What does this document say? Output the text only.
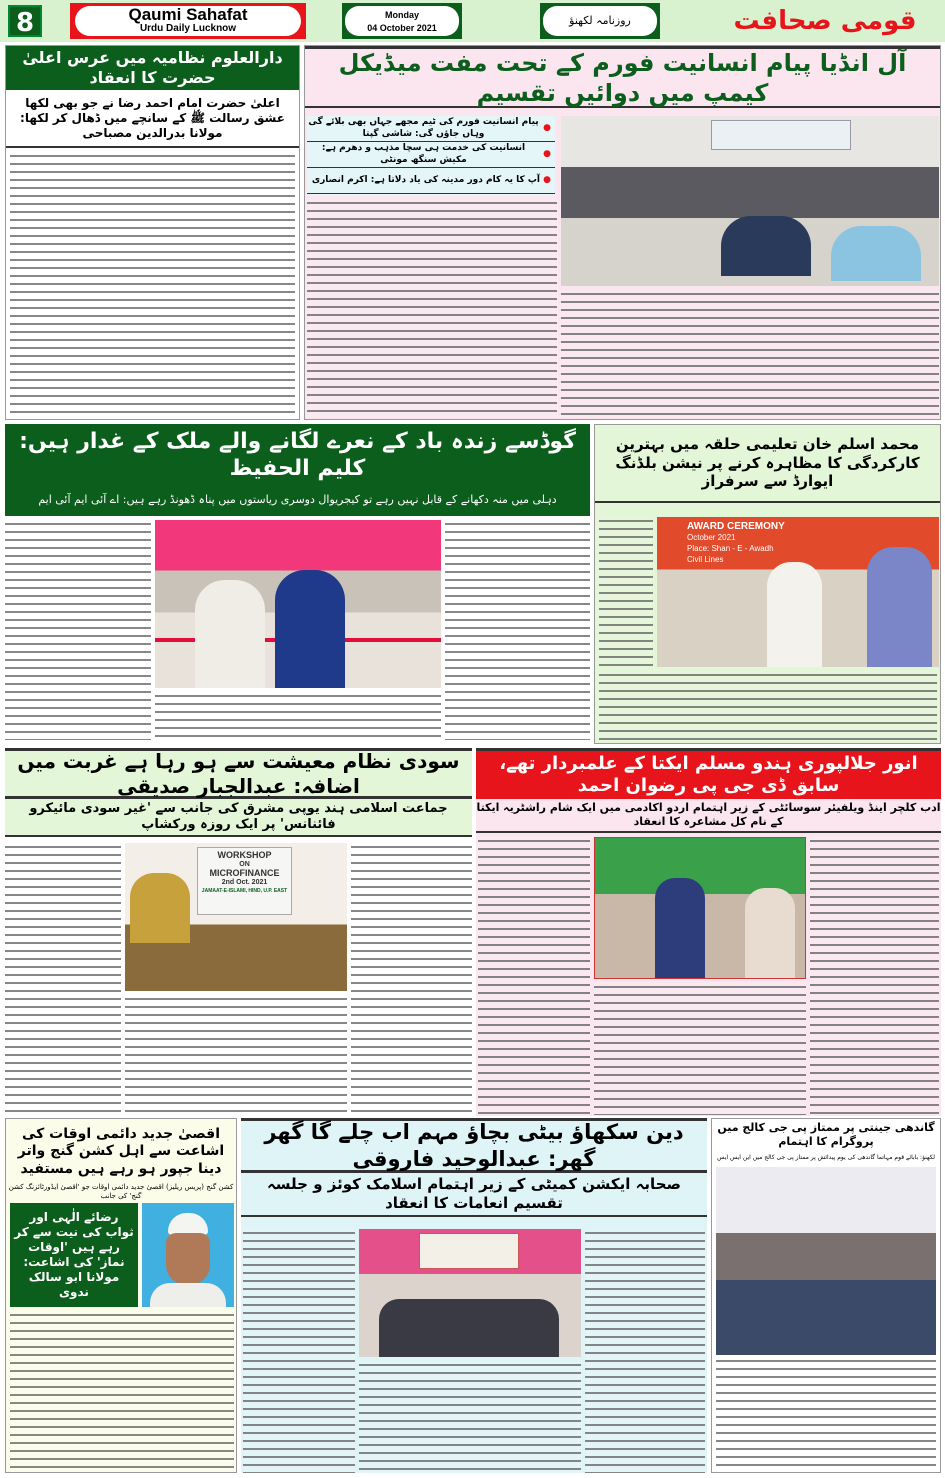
8	Qaumi Sahafat
Urdu Daily Lucknow
Monday
04 October 2021
روزنامہ لکھنؤ	قومی صحافت
دارالعلوم نظامیہ میں عرس اعلیٰ حضرت کا انعقاد
اعلیٰ حضرت امام احمد رضا نے جو بھی لکھا عشق رسالت ﷺ کے سانچے میں ڈھال کر لکھا: مولانا بدرالدین مصباحی
آل انڈیا پیام انسانیت فورم کے تحت مفت میڈیکل کیمپ میں دوائیں تقسیم
●
پیام انسانیت فورم کی ٹیم مجھے جہاں بھی بلائے گی وہاں جاؤں گی: شاشی گپتا
●
انسانیت کی خدمت ہی سچا مذہب و دھرم ہے: مکیش سنگھ مونٹی
●
آپ کا یہ کام دور مدینہ کی یاد دلاتا ہے: اکرم انصاری
گوڈسے زندہ باد کے نعرے لگانے والے ملک کے غدار ہیں: کلیم الحفیظ
دہلی میں منہ دکھانے کے قابل نہیں رہے تو کیجریوال دوسری ریاستوں میں پناہ ڈھونڈ رہے ہیں: اے آئی ایم آئی ایم
محمد اسلم خان تعلیمی حلقہ میں بہترین کارکردگی کا مظاہرہ کرنے پر نیشن بلڈنگ ایوارڈ سے سرفراز
AWARD CEREMONY
October 2021
Place: Shan - E - Awadh
Civil Lines
سودی نظام معیشت سے ہو رہا ہے غربت میں اضافہ: عبدالجبار صدیقی
جماعت اسلامی ہند یوپی مشرق کی جانب سے 'غیر سودی مائیکرو فائنانس' پر ایک روزہ ورکشاپ
WORKSHOP
ON
MICROFINANCE
2nd Oct. 2021
JAMAAT-E-ISLAMI, HIND, U.P. EAST
انور جلالپوری ہندو مسلم ایکتا کے علمبردار تھے، سابق ڈی جی پی رضوان احمد
ادب کلچر اینڈ ویلفیئر سوسائٹی کے زیر اہتمام اردو اکادمی میں ایک شام راشٹریہ ایکتا کے نام کل مشاعرہ کا انعقاد
اقصیٰ جدید دائمی اوقات کی اشاعت سے اہل کشن گنج واتر دینا جپور ہو رہے ہیں مستفید
کشن گنج (پریس ریلیز) اقصیٰ جدید دائمی اوقات جو 'اقصیٰ ایڈورٹائزنگ کشن گنج' کی جانب
رضائے الٰہی اور ثواب کی نیت سے کر رہے ہیں 'اوقات نماز' کی اشاعت: مولانا ابو سالک ندوی
دین سکھاؤ بیٹی بچاؤ مہم اب چلے گا گھر گھر: عبدالوحید فاروقی
صحابہ ایکشن کمیٹی کے زیر اہتمام اسلامک کوئز و جلسہ تقسیم انعامات کا انعقاد
گاندھی جینتی پر ممتاز پی جی کالج میں پروگرام کا اہتمام
لکھنؤ: بابائے قوم مہاتما گاندھی کی یوم پیدائش پر ممتاز پی جی کالج میں این ایس ایس
